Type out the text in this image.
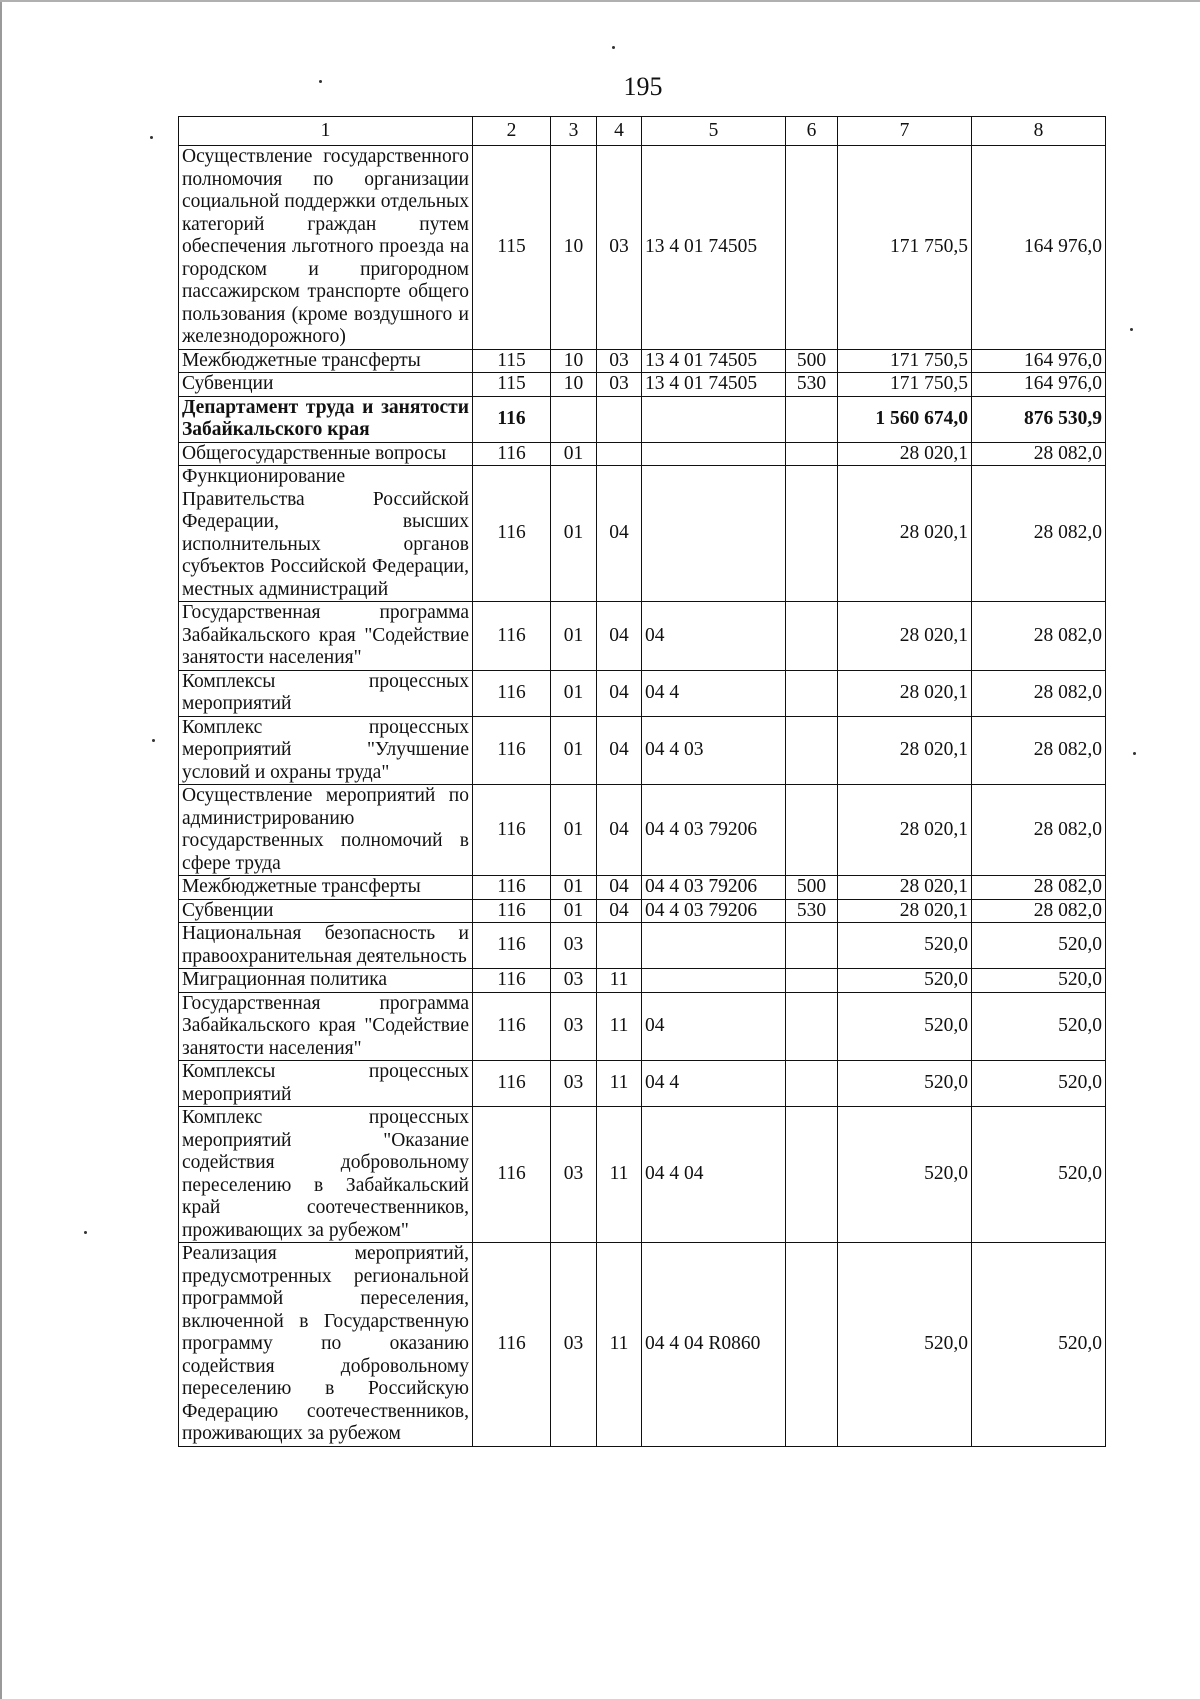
195
1	2	3	4	5	6	7	8
Осуществление государственного полномочия по организации социальной поддержки отдельных категорий граждан путем обеспечения льготного проезда на городском и пригородном пассажирском транспорте общего пользования (кроме воздушного и железнодорожного)	115	10	03	13 4 01 74505		171 750,5	164 976,0
Межбюджетные трансферты	115	10	03	13 4 01 74505	500	171 750,5	164 976,0
Субвенции	115	10	03	13 4 01 74505	530	171 750,5	164 976,0
Департамент труда и занятости Забайкальского края	116					1 560 674,0	876 530,9
Общегосударственные вопросы	116	01				28 020,1	28 082,0
Функционирование Правительства Российской Федерации, высших исполнительных органов субъектов Российской Федерации, местных администраций	116	01	04			28 020,1	28 082,0
Государственная программа Забайкальского края "Содействие занятости населения"	116	01	04	04		28 020,1	28 082,0
Комплексы процессных мероприятий	116	01	04	04 4		28 020,1	28 082,0
Комплекс процессных мероприятий "Улучшение условий и охраны труда"	116	01	04	04 4 03		28 020,1	28 082,0
Осуществление мероприятий по администрированию государственных полномочий в сфере труда	116	01	04	04 4 03 79206		28 020,1	28 082,0
Межбюджетные трансферты	116	01	04	04 4 03 79206	500	28 020,1	28 082,0
Субвенции	116	01	04	04 4 03 79206	530	28 020,1	28 082,0
Национальная безопасность и правоохранительная деятельность	116	03				520,0	520,0
Миграционная политика	116	03	11			520,0	520,0
Государственная программа Забайкальского края "Содействие занятости населения"	116	03	11	04		520,0	520,0
Комплексы процессных мероприятий	116	03	11	04 4		520,0	520,0
Комплекс процессных мероприятий "Оказание содействия добровольному переселению в Забайкальский край соотечественников, проживающих за рубежом"	116	03	11	04 4 04		520,0	520,0
Реализация мероприятий, предусмотренных региональной программой переселения, включенной в Государственную программу по оказанию содействия добровольному переселению в Российскую Федерацию соотечественников, проживающих за рубежом	116	03	11	04 4 04 R0860		520,0	520,0
